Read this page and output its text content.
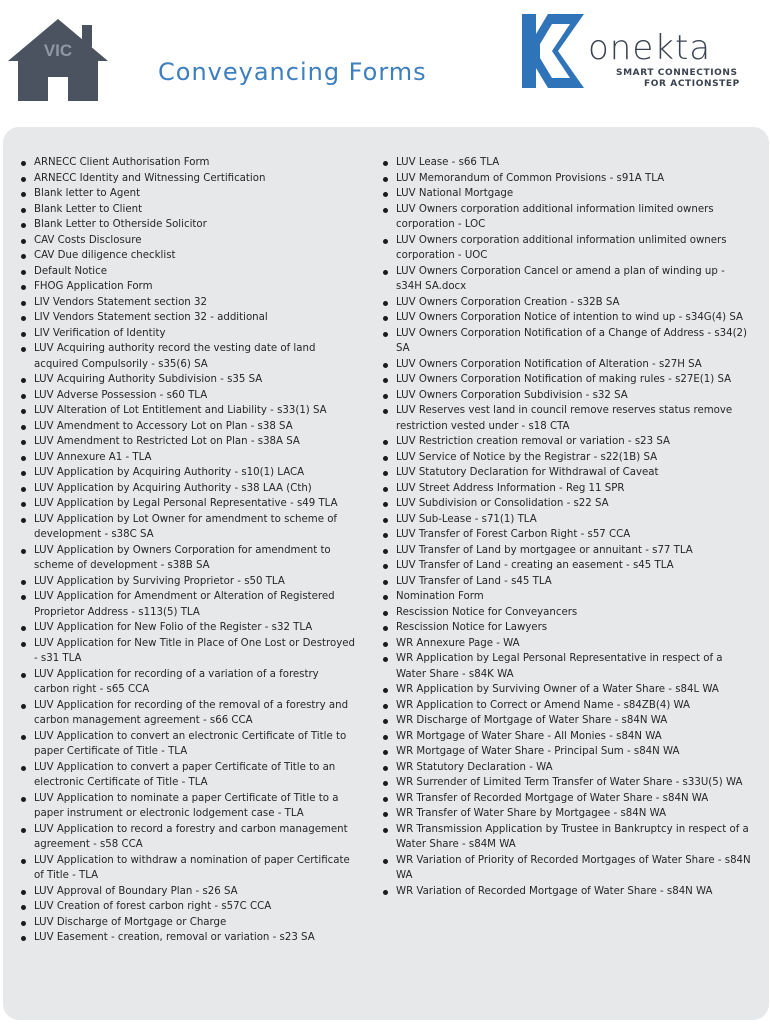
VIC
Conveyancing Forms
onekta
SMART CONNECTIONS
FOR ACTIONSTEP
ARNECC Client Authorisation Form
ARNECC Identity and Witnessing Certification
Blank letter to Agent
Blank Letter to Client
Blank Letter to Otherside Solicitor
CAV Costs Disclosure
CAV Due diligence checklist
Default Notice
FHOG Application Form
LIV Vendors Statement section 32
LIV Vendors Statement section 32 - additional
LIV Verification of Identity
LUV Acquiring authority record the vesting date of land acquired Compulsorily - s35(6) SA
LUV Acquiring Authority Subdivision - s35 SA
LUV Adverse Possession - s60 TLA
LUV Alteration of Lot Entitlement and Liability - s33(1) SA
LUV Amendment to Accessory Lot on Plan - s38 SA
LUV Amendment to Restricted Lot on Plan - s38A SA
LUV Annexure A1 - TLA
LUV Application by Acquiring Authority - s10(1) LACA
LUV Application by Acquiring Authority - s38 LAA (Cth)
LUV Application by Legal Personal Representative - s49 TLA
LUV Application by Lot Owner for amendment to scheme of development - s38C SA
LUV Application by Owners Corporation for amendment to scheme of development - s38B SA
LUV Application by Surviving Proprietor - s50 TLA
LUV Application for Amendment or Alteration of Registered Proprietor Address - s113(5) TLA
LUV Application for New Folio of the Register - s32 TLA
LUV Application for New Title in Place of One Lost or Destroyed - s31 TLA
LUV Application for recording of a variation of a forestry carbon right - s65 CCA
LUV Application for recording of the removal of a forestry and carbon management agreement - s66 CCA
LUV Application to convert an electronic Certificate of Title to paper Certificate of Title - TLA
LUV Application to convert a paper Certificate of Title to an electronic Certificate of Title - TLA
LUV Application to nominate a paper Certificate of Title to a paper instrument or electronic lodgement case - TLA
LUV Application to record a forestry and carbon management agreement - s58 CCA
LUV Application to withdraw a nomination of paper Certificate of Title - TLA
LUV Approval of Boundary Plan - s26 SA
LUV Creation of forest carbon right - s57C CCA
LUV Discharge of Mortgage or Charge
LUV Easement - creation, removal or variation - s23 SA
LUV Lease - s66 TLA
LUV Memorandum of Common Provisions - s91A TLA
LUV National Mortgage
LUV Owners corporation additional information limited owners corporation - LOC
LUV Owners corporation additional information unlimited owners corporation - UOC
LUV Owners Corporation Cancel or amend a plan of winding up - s34H SA.docx
LUV Owners Corporation Creation - s32B SA
LUV Owners Corporation Notice of intention to wind up - s34G(4) SA
LUV Owners Corporation Notification of a Change of Address - s34(2) SA
LUV Owners Corporation Notification of Alteration - s27H SA
LUV Owners Corporation Notification of making rules - s27E(1) SA
LUV Owners Corporation Subdivision - s32 SA
LUV Reserves vest land in council remove reserves status remove restriction vested under - s18 CTA
LUV Restriction creation removal or variation - s23 SA
LUV Service of Notice by the Registrar - s22(1B) SA
LUV Statutory Declaration for Withdrawal of Caveat
LUV Street Address Information - Reg 11 SPR
LUV Subdivision or Consolidation - s22 SA
LUV Sub-Lease - s71(1) TLA
LUV Transfer of Forest Carbon Right - s57 CCA
LUV Transfer of Land by mortgagee or annuitant - s77 TLA
LUV Transfer of Land - creating an easement - s45 TLA
LUV Transfer of Land - s45 TLA
Nomination Form
Rescission Notice for Conveyancers
Rescission Notice for Lawyers
WR Annexure Page - WA
WR Application by Legal Personal Representative in respect of a Water Share - s84K WA
WR Application by Surviving Owner of a Water Share - s84L WA
WR Application to Correct or Amend Name - s84ZB(4) WA
WR Discharge of Mortgage of Water Share - s84N WA
WR Mortgage of Water Share - All Monies - s84N WA
WR Mortgage of Water Share - Principal Sum - s84N WA
WR Statutory Declaration - WA
WR Surrender of Limited Term Transfer of Water Share - s33U(5) WA
WR Transfer of Recorded Mortgage of Water Share - s84N WA
WR Transfer of Water Share by Mortgagee - s84N WA
WR Transmission Application by Trustee in Bankruptcy in respect of a Water Share - s84M WA
WR Variation of Priority of Recorded Mortgages of Water Share - s84N WA
WR Variation of Recorded Mortgage of Water Share - s84N WA
